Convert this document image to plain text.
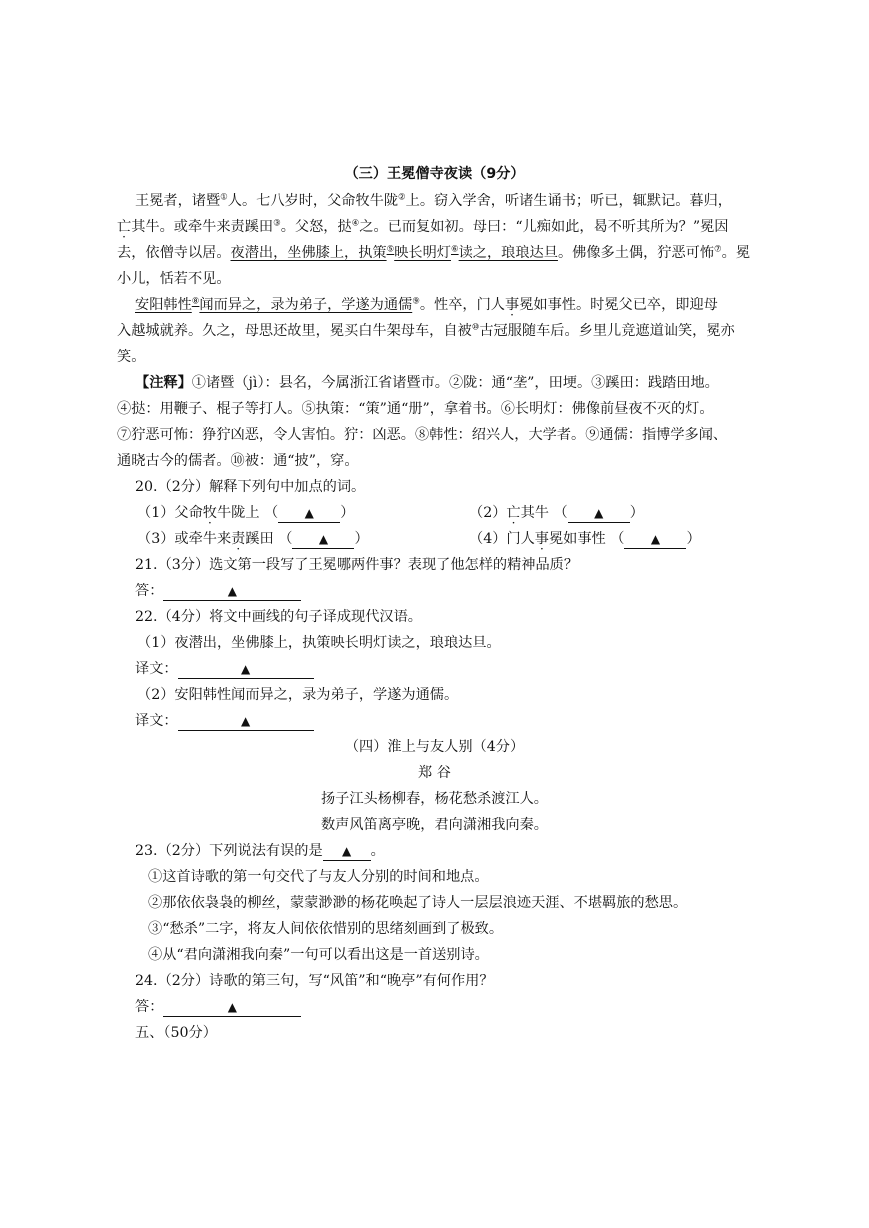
（三）王冕僧寺夜读（9分）
王冕者，诸暨①人。七八岁时，父命牧牛陇②上。窃入学舍，听诸生诵书；听已，辄默记。暮归，
亡其牛。或牵牛来责蹊田③。父怒，挞④之。已而复如初。母曰：“儿痴如此，曷不听其所为？”冕因
去，依僧寺以居。夜潜出，坐佛膝上，执策⑤映长明灯⑥读之，琅琅达旦。佛像多土偶，狞恶可怖⑦。冕
小儿，恬若不见。
安阳韩性⑧闻而异之，录为弟子，学遂为通儒⑨。性卒，门人事冕如事性。时冕父已卒，即迎母
入越城就养。久之，母思还故里，冕买白牛架母车，自被⑩古冠服随车后。乡里儿竞遮道讪笑，冕亦
笑。
【注释】①诸暨（jì）：县名，今属浙江省诸暨市。②陇：通“垄”，田埂。③蹊田：践踏田地。
④挞：用鞭子、棍子等打人。⑤执策：“策”通“册”，拿着书。⑥长明灯：佛像前昼夜不灭的灯。
⑦狞恶可怖：狰狞凶恶，令人害怕。狞：凶恶。⑧韩性：绍兴人，大学者。⑨通儒：指博学多闻、
通晓古今的儒者。⑩被：通“披”，穿。
20.（2分）解释下列句中加点的词。
（1）父命牧牛陇上 （ ▲ ）	（2）亡其牛 （ ▲ ）
（3）或牵牛来责蹊田 （ ▲ ）	（4）门人事冕如事性 （ ▲ ）
21.（3分）选文第一段写了王冕哪两件事？表现了他怎样的精神品质？
答：	▲
22.（4分）将文中画线的句子译成现代汉语。
（1）夜潜出，坐佛膝上，执策映长明灯读之，琅琅达旦。
译文：	▲
（2）安阳韩性闻而异之，录为弟子，学遂为通儒。
译文：	▲
（四）淮上与友人别（4分）
郑 谷
扬子江头杨柳春，杨花愁杀渡江人。
数声风笛离亭晚，君向潇湘我向秦。
23.（2分）下列说法有误的是 ▲ 。
①这首诗歌的第一句交代了与友人分别的时间和地点。
②那依依袅袅的柳丝，蒙蒙渺渺的杨花唤起了诗人一层层浪迹天涯、不堪羁旅的愁思。
③“愁杀”二字，将友人间依依惜别的思绪刻画到了极致。
④从“君向潇湘我向秦”一句可以看出这是一首送别诗。
24.（2分）诗歌的第三句，写“风笛”和“晚亭”有何作用？
答：	▲
五、（50分）
